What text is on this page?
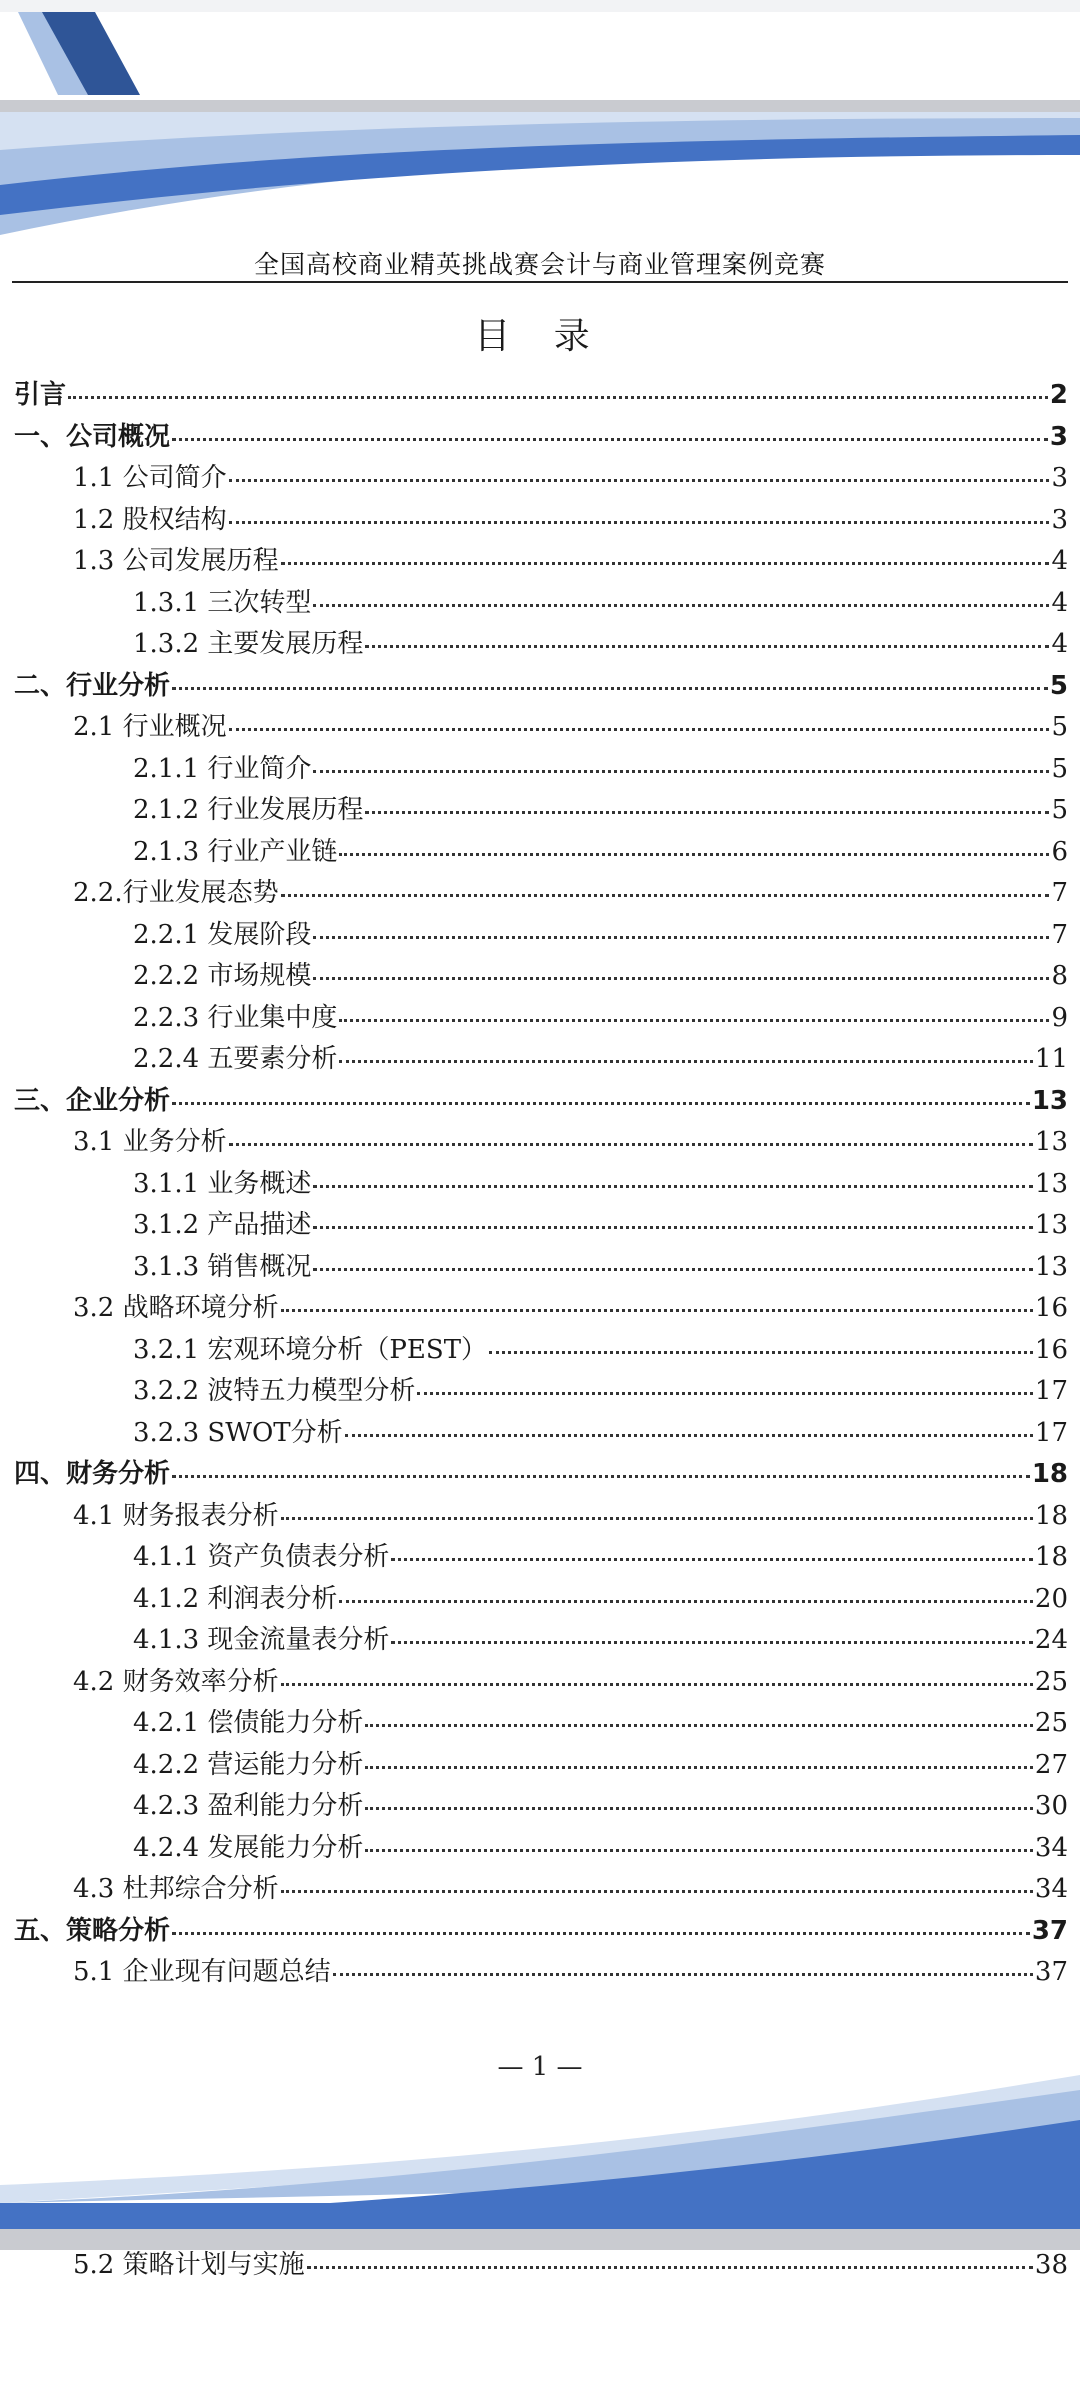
全国高校商业精英挑战赛会计与商业管理案例竞赛
目 录
引言	2
一、公司概况	3
1.1 公司简介	3
1.2 股权结构	3
1.3 公司发展历程	4
1.3.1 三次转型	4
1.3.2 主要发展历程	4
二、行业分析	5
2.1 行业概况	5
2.1.1 行业简介	5
2.1.2 行业发展历程	5
2.1.3 行业产业链	6
2.2.行业发展态势	7
2.2.1 发展阶段	7
2.2.2 市场规模	8
2.2.3 行业集中度	9
2.2.4 五要素分析	11
三、企业分析	13
3.1 业务分析	13
3.1.1 业务概述	13
3.1.2 产品描述	13
3.1.3 销售概况	13
3.2 战略环境分析	16
3.2.1 宏观环境分析（PEST）	16
3.2.2 波特五力模型分析	17
3.2.3 SWOT分析	17
四、财务分析	18
4.1 财务报表分析	18
4.1.1 资产负债表分析	18
4.1.2 利润表分析	20
4.1.3 现金流量表分析	24
4.2 财务效率分析	25
4.2.1 偿债能力分析	25
4.2.2 营运能力分析	27
4.2.3 盈利能力分析	30
4.2.4 发展能力分析	34
4.3 杜邦综合分析	34
五、策略分析	37
5.1 企业现有问题总结	37
— 1 —
5.2 策略计划与实施	38
